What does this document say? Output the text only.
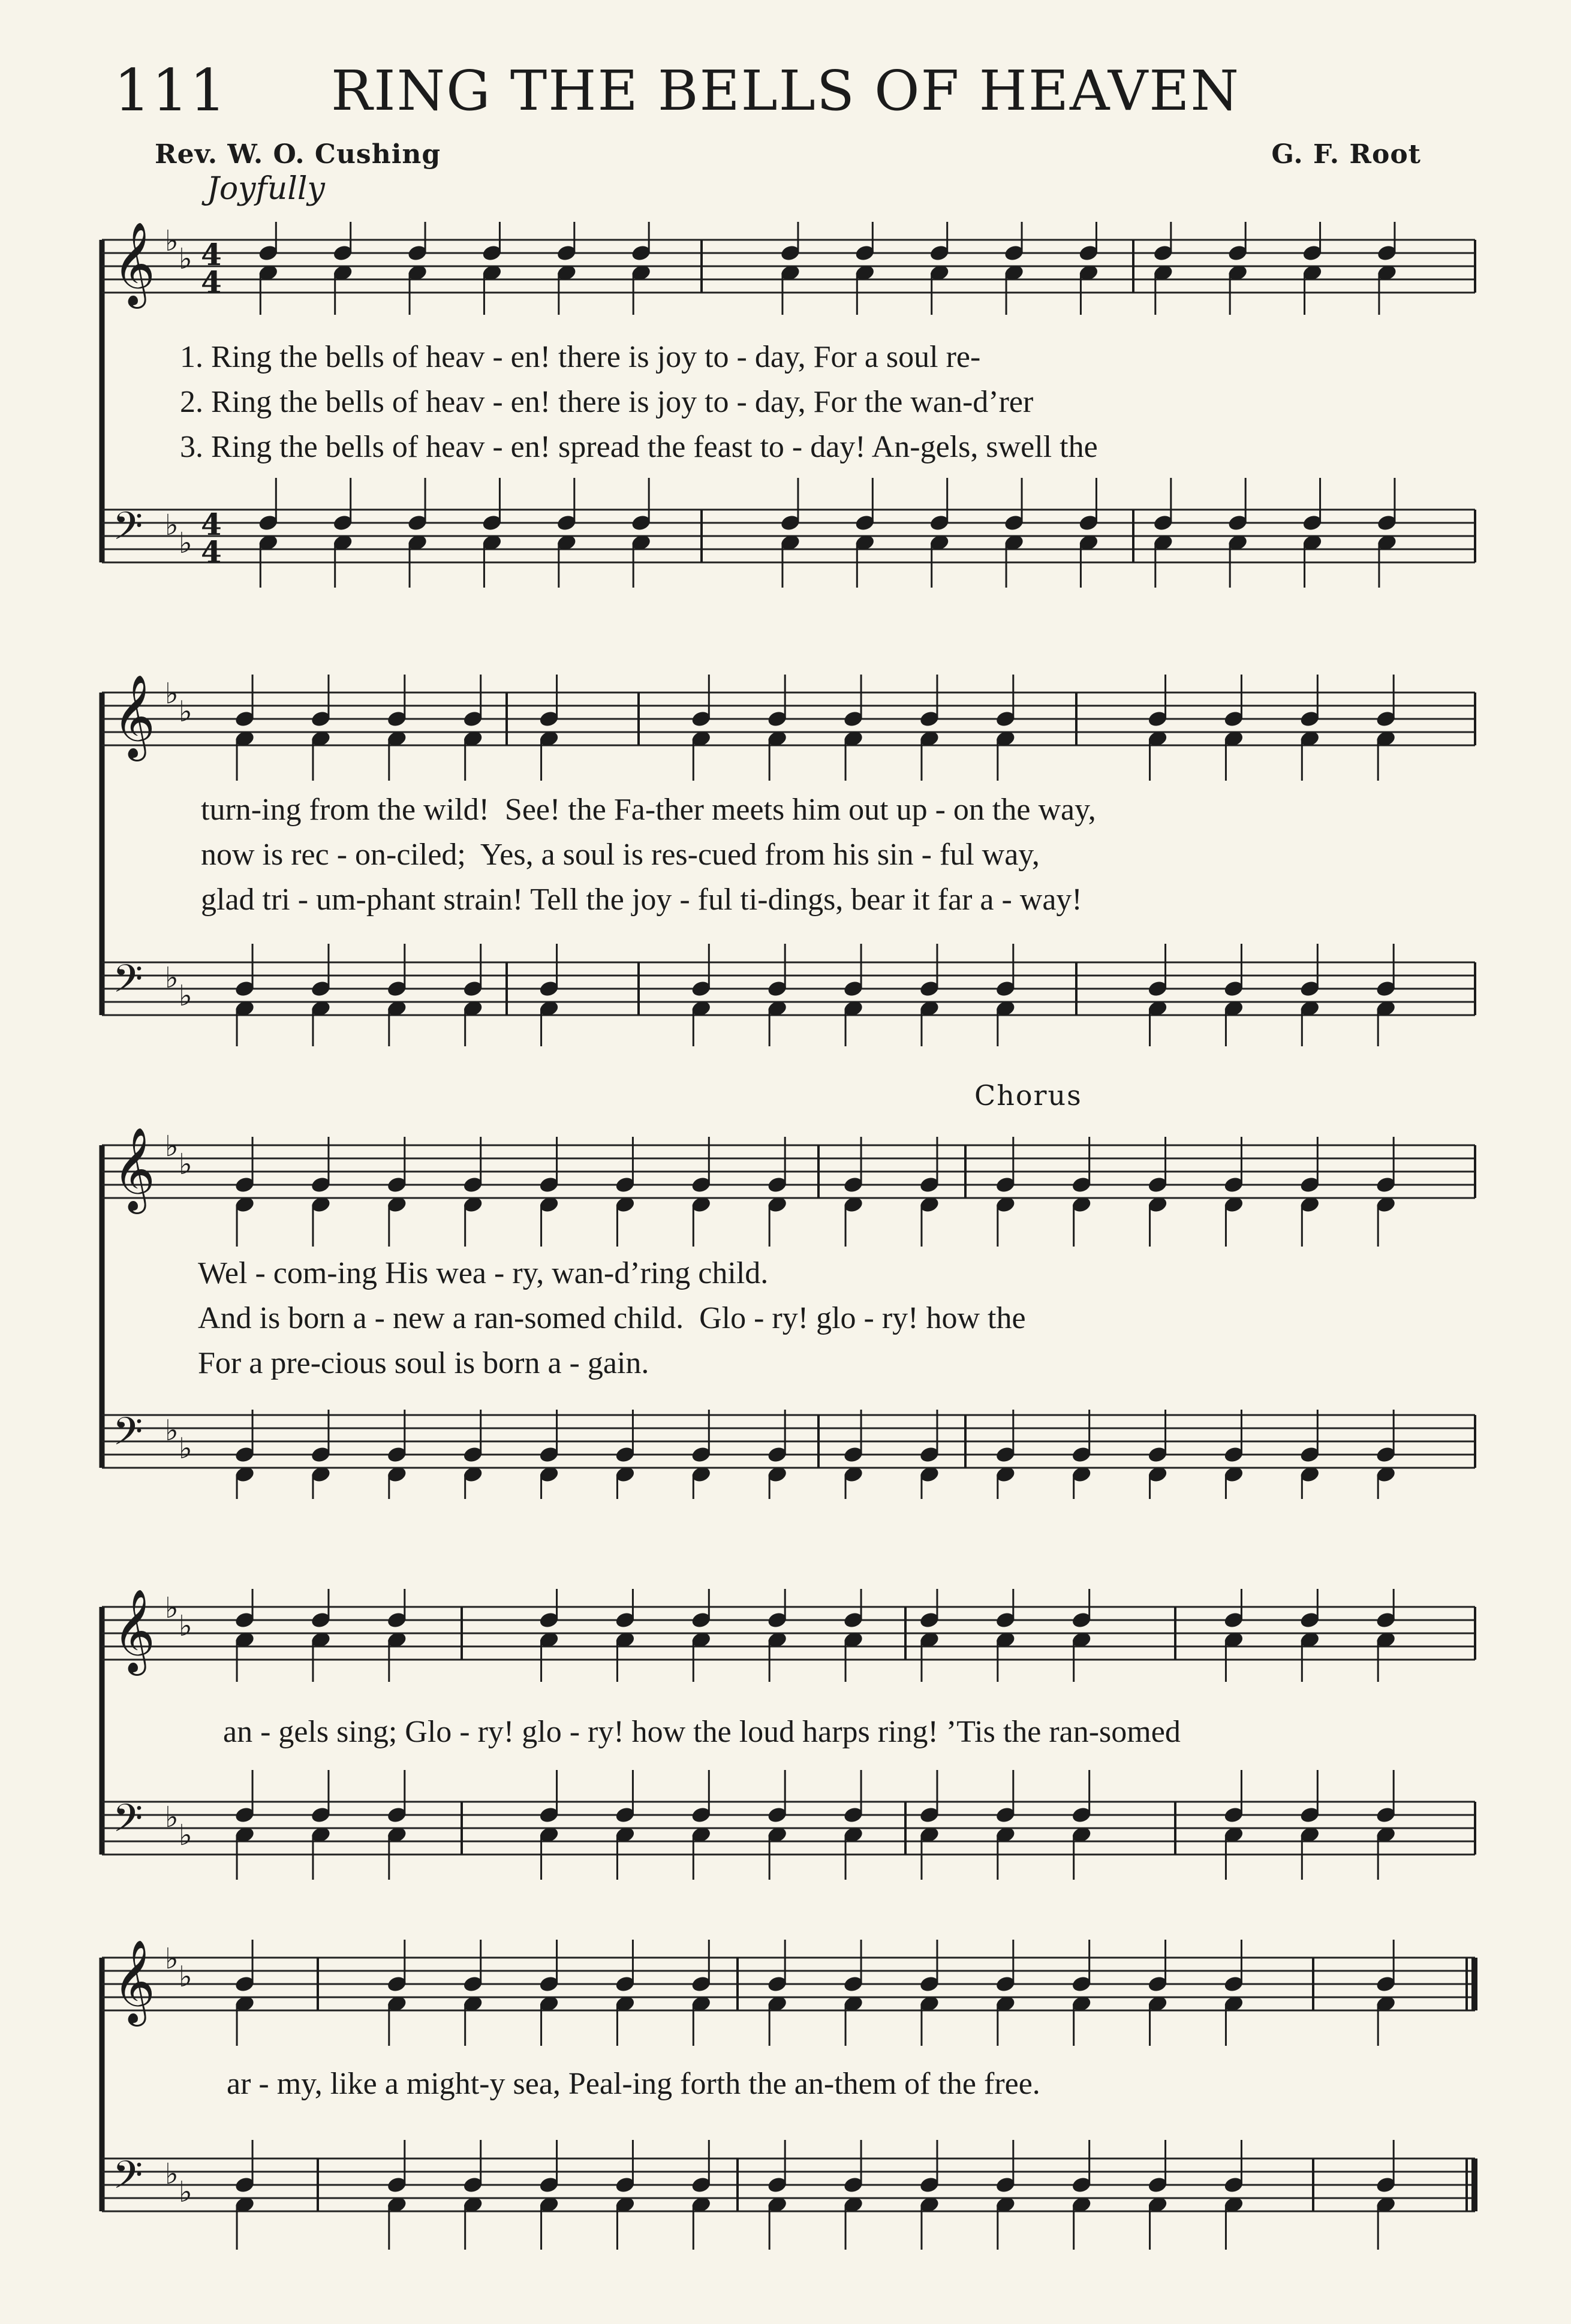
111	RING THE BELLS OF HEAVEN
Rev. W. O. Cushing	G. F. Root
Joyfully
Chorus
𝄞 ♭
♭ 4
4
𝄢 ♭
♭
4
4
1. Ring the bells of heav - en! there is joy to - day, For a soul re-
2. Ring the bells of heav - en! there is joy to - day, For the wan-d’rer
3. Ring the bells of heav - en! spread the feast to - day! An-gels, swell the
𝄞 ♭
♭
𝄢 ♭
♭
turn-ing from the wild!  See! the Fa-ther meets him out up - on the way,
now is rec - on-ciled;  Yes, a soul is res-cued from his sin - ful way,
glad tri - um-phant strain! Tell the joy - ful ti-dings, bear it far a - way!
𝄞 ♭
♭
𝄢 ♭
♭
Wel - com-ing His wea - ry, wan-d’ring child.
And is born a - new a ran-somed child.  Glo - ry! glo - ry! how the
For a pre-cious soul is born a - gain.
𝄞 ♭
♭
𝄢 ♭
♭
an - gels sing; Glo - ry! glo - ry! how the loud harps ring! ’Tis the ran-somed
𝄞 ♭
♭
𝄢 ♭
♭
ar - my, like a might-y sea, Peal-ing forth the an-them of the free.
